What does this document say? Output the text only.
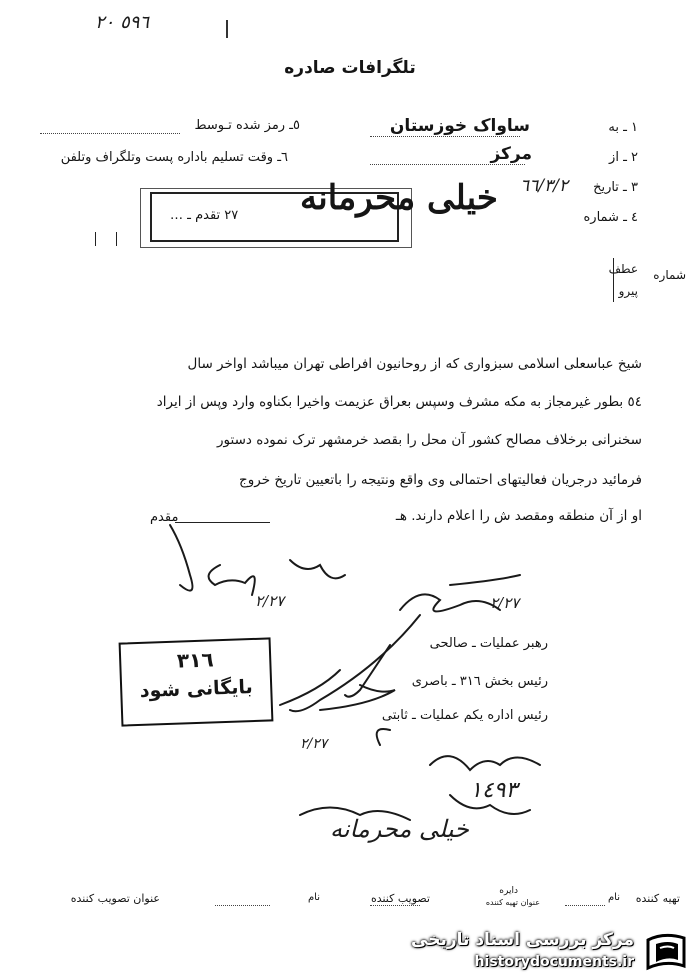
٥٩٦ ٢٠
تلگرافات صادره
١ ـ به
ساواک خوزستان
٢ ـ از
مرکز
٣ ـ تاریخ
٦٦/٣/٢
٤ ـ شماره
٥ـ رمز شده تـوسط
٦ـ وقت تسلیم باداره پست وتلگراف وتلفن
٢٧ تقدم ـ … خیلی محرمانه
شماره
عطف
پیرو
شیخ عباسعلی اسلامی سبزواری که از روحانیون افراطی تهران میباشد اواخر سال
٥٤ بطور غیرمجاز به مکه مشرف وسپس بعراق عزیمت واخیرا بکناوه وارد وپس از ایراد
سخنرانی برخلاف مصالح کشور آن محل را بقصد خرمشهر ترک نموده دستور
فرمائید درجریان فعالیتهای احتمالی وی واقع ونتیجه را باتعیین تاریخ خروج
او از آن منطقه ومقصد ش را اعلام دارند. هـ
مقدم
٢/٢٧	٢/٢٧
١٤٩٣
٢/٢٧
خیلی محرمانه
رهبر عملیات ـ صالحی
رئیس بخش ٣١٦ ـ باصری
رئیس اداره یکم عملیات ـ ثابتی
٣١٦
بایگانی شود
تهیه کننده
نام
دایره
عنوان تهیه کننده
تصویب کننده
نام
عنوان تصویب کننده
مرکز بررسی اسناد تاریخی
historydocuments.ir
